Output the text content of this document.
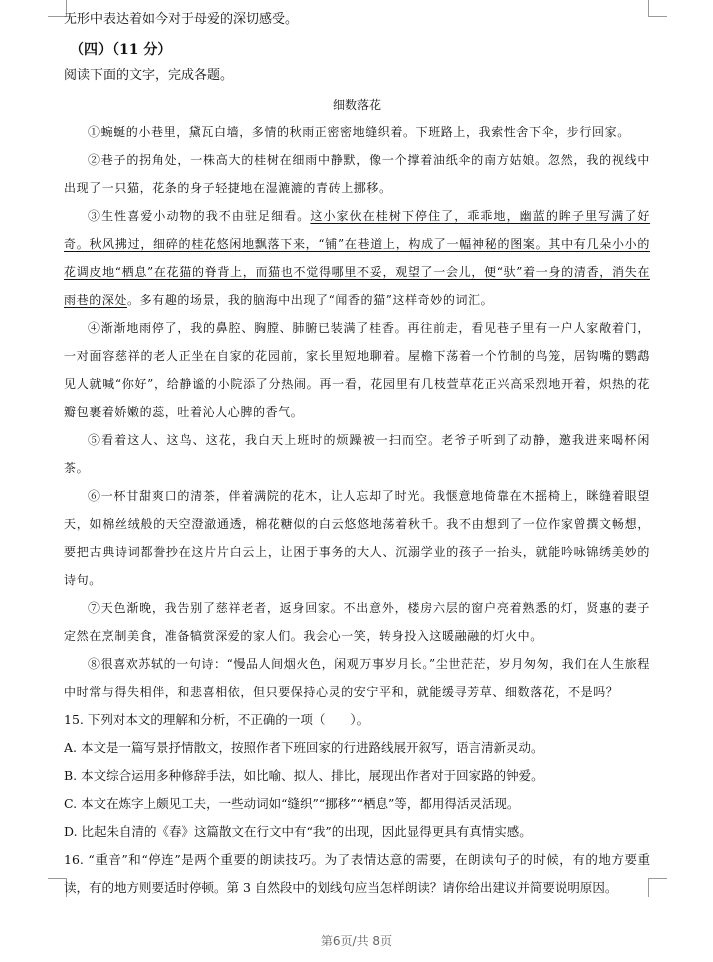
无形中表达着如今对于母爱的深切感受。
（四）（11 分）
阅读下面的文字，完成各题。
细数落花

①蜿蜒的小巷里，黛瓦白墙，多情的秋雨正密密地缝织着。下班路上，我索性舍下伞，步行回家。

②巷子的拐角处，一株高大的桂树在细雨中静默，像一个撑着油纸伞的南方姑娘。忽然，我的视线中出现了一只猫，花条的身子轻捷地在湿漉漉的青砖上挪移。

③生性喜爱小动物的我不由驻足细看。这小家伙在桂树下停住了，乖乖地，幽蓝的眸子里写满了好奇。秋风拂过，细碎的桂花悠闲地飘落下来，“铺”在巷道上，构成了一幅神秘的图案。其中有几朵小小的花调皮地“栖息”在花猫的脊背上，而猫也不觉得哪里不妥，观望了一会儿，便“驮”着一身的清香，消失在雨巷的深处。多有趣的场景，我的脑海中出现了“闻香的猫”这样奇妙的词汇。

④渐渐地雨停了，我的鼻腔、胸膛、肺腑已装满了桂香。再往前走，看见巷子里有一户人家敞着门，一对面容慈祥的老人正坐在自家的花园前，家长里短地聊着。屋檐下荡着一个竹制的鸟笼，居钩嘴的鹦鹉见人就喊“你好”，给静谧的小院添了分热闹。再一看，花园里有几枝萱草花正兴高采烈地开着，炽热的花瓣包裹着娇嫩的蕊，吐着沁人心脾的香气。

⑤看着这人、这鸟、这花，我白天上班时的烦躁被一扫而空。老爷子听到了动静，邀我进来喝杯闲茶。

⑥一杯甘甜爽口的清茶，伴着满院的花木，让人忘却了时光。我惬意地倚靠在木摇椅上，眯缝着眼望天，如棉丝绒般的天空澄澈通透，棉花糖似的白云悠悠地荡着秋千。我不由想到了一位作家曾撰文畅想，要把古典诗词都誊抄在这片片白云上，让困于事务的大人、沉溺学业的孩子一抬头，就能吟咏锦绣美妙的诗句。

⑦天色渐晚，我告别了慈祥老者，返身回家。不出意外，楼房六层的窗户亮着熟悉的灯，贤惠的妻子定然在烹制美食，准备犒赏深爱的家人们。我会心一笑，转身投入这暖融融的灯火中。

⑧很喜欢苏轼的一句诗：“慢品人间烟火色，闲观万事岁月长。”尘世茫茫，岁月匆匆，我们在人生旅程中时常与得失相伴，和悲喜相依，但只要保持心灵的安宁平和，就能缓寻芳草、细数落花，不是吗？

15. 下列对本文的理解和分析，不正确的一项（　　）。
A. 本文是一篇写景抒情散文，按照作者下班回家的行进路线展开叙写，语言清新灵动。
B. 本文综合运用多种修辞手法，如比喻、拟人、排比，展现出作者对于回家路的钟爱。
C. 本文在炼字上颇见工夫，一些动词如“缝织”“挪移”“栖息”等，都用得活灵活现。
D. 比起朱自清的《春》这篇散文在行文中有“我”的出现，因此显得更具有真情实感。
16. “重音”和“停连”是两个重要的朗读技巧。为了表情达意的需要，在朗读句子的时候，有的地方要重读，有的地方则要适时停顿。第 3 自然段中的划线句应当怎样朗读？请你给出建议并简要说明原因。
第6页/共 8页
